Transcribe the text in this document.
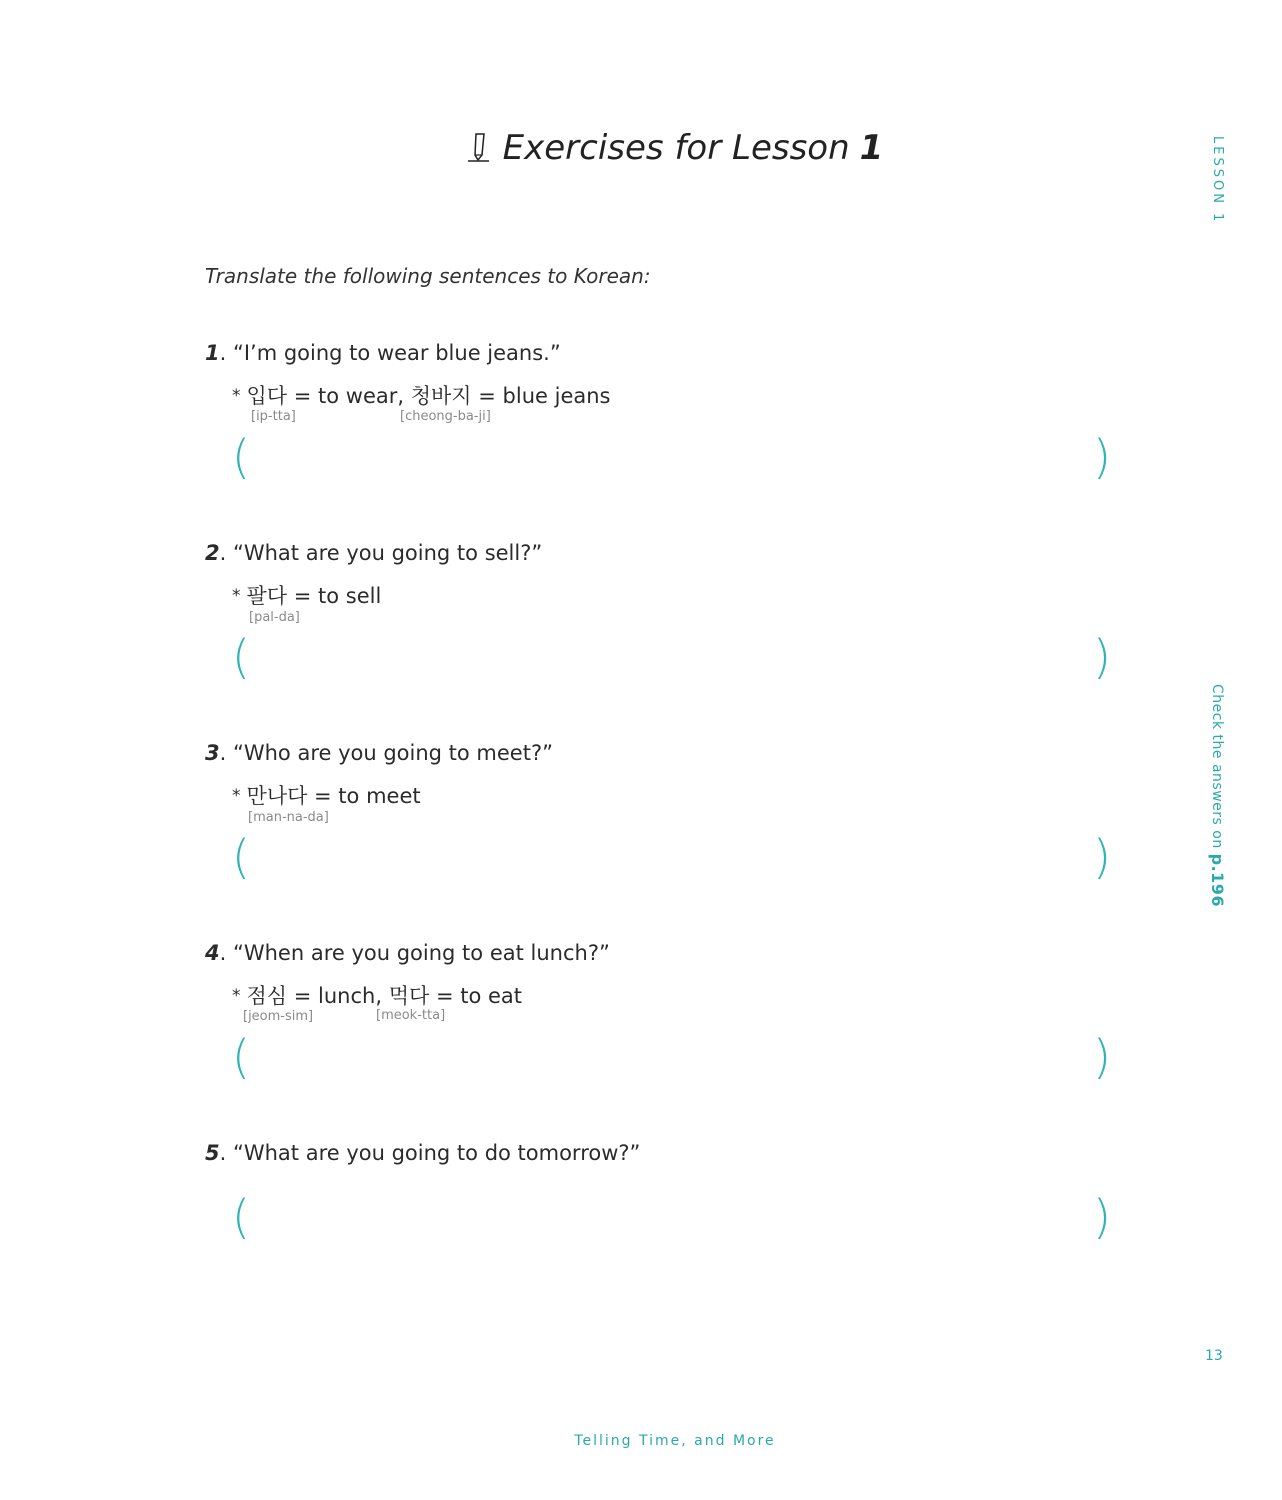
Exercises for Lesson 1
Translate the following sentences to Korean:
1. “I’m going to wear blue jeans.”
* 입다 = to wear, 청바지 = blue jeans
[ip-tta]	[cheong-ba-ji]
(	)
2. “What are you going to sell?”
* 팔다 = to sell
[pal-da]
(	)
3. “Who are you going to meet?”
* 만나다 = to meet
[man-na-da]
(	)
4. “When are you going to eat lunch?”
* 점심 = lunch, 먹다 = to eat
[jeom-sim]	[meok-tta]
(	)
5. “What are you going to do tomorrow?”
(	)
LESSON 1
Check the answers on p.196
13
Telling Time, and More
